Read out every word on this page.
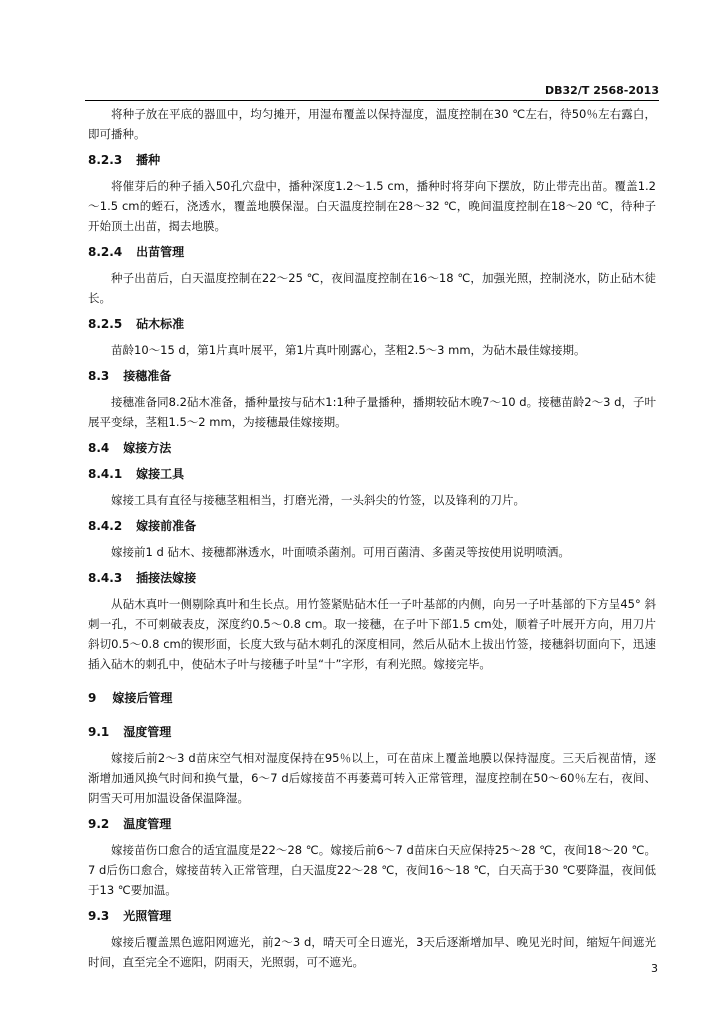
DB32/T 2568-2013

将种子放在平底的器皿中，均匀摊开，用湿布覆盖以保持湿度，温度控制在30 ℃左右，待50％左右露白，即可播种。

8.2.3 播种

将催芽后的种子插入50孔穴盘中，播种深度1.2～1.5 cm，播种时将芽向下摆放，防止带壳出苗。覆盖1.2～1.5 cm的蛭石，浇透水，覆盖地膜保湿。白天温度控制在28～32 ℃，晚间温度控制在18～20 ℃，待种子开始顶土出苗，揭去地膜。

8.2.4 出苗管理

种子出苗后，白天温度控制在22～25 ℃，夜间温度控制在16～18 ℃，加强光照，控制浇水，防止砧木徒长。

8.2.5 砧木标准

苗龄10～15 d，第1片真叶展平，第1片真叶刚露心，茎粗2.5～3 mm，为砧木最佳嫁接期。

8.3 接穗准备

接穗准备同8.2砧木准备，播种量按与砧木1:1种子量播种，播期较砧木晚7～10 d。接穗苗龄2～3 d，子叶展平变绿，茎粗1.5～2 mm，为接穗最佳嫁接期。

8.4 嫁接方法

8.4.1 嫁接工具

嫁接工具有直径与接穗茎粗相当，打磨光滑，一头斜尖的竹签，以及锋利的刀片。

8.4.2 嫁接前准备

嫁接前1 d 砧木、接穗都淋透水，叶面喷杀菌剂。可用百菌清、多菌灵等按使用说明喷洒。

8.4.3 插接法嫁接

从砧木真叶一侧剔除真叶和生长点。用竹签紧贴砧木任一子叶基部的内侧，向另一子叶基部的下方呈45° 斜刺一孔，不可刺破表皮，深度约0.5～0.8 cm。取一接穗，在子叶下部1.5 cm处，顺着子叶展开方向，用刀片斜切0.5～0.8 cm的锲形面，长度大致与砧木刺孔的深度相同，然后从砧木上拔出竹签，接穗斜切面向下，迅速插入砧木的刺孔中，使砧木子叶与接穗子叶呈“十”字形，有利光照。嫁接完毕。

9 嫁接后管理

9.1 湿度管理

嫁接后前2～3 d苗床空气相对湿度保持在95％以上，可在苗床上覆盖地膜以保持湿度。三天后视苗情，逐渐增加通风换气时间和换气量，6～7 d后嫁接苗不再萎蔫可转入正常管理，湿度控制在50～60％左右，夜间、阴雪天可用加温设备保温降湿。

9.2 温度管理

嫁接苗伤口愈合的适宜温度是22～28 ℃。嫁接后前6～7 d苗床白天应保持25～28 ℃，夜间18～20 ℃。7 d后伤口愈合，嫁接苗转入正常管理，白天温度22～28 ℃，夜间16～18 ℃，白天高于30 ℃要降温，夜间低于13 ℃要加温。

9.3 光照管理

嫁接后覆盖黑色遮阳网遮光，前2～3 d，晴天可全日遮光，3天后逐渐增加早、晚见光时间，缩短午间遮光时间，直至完全不遮阳，阴雨天，光照弱，可不遮光。	3
